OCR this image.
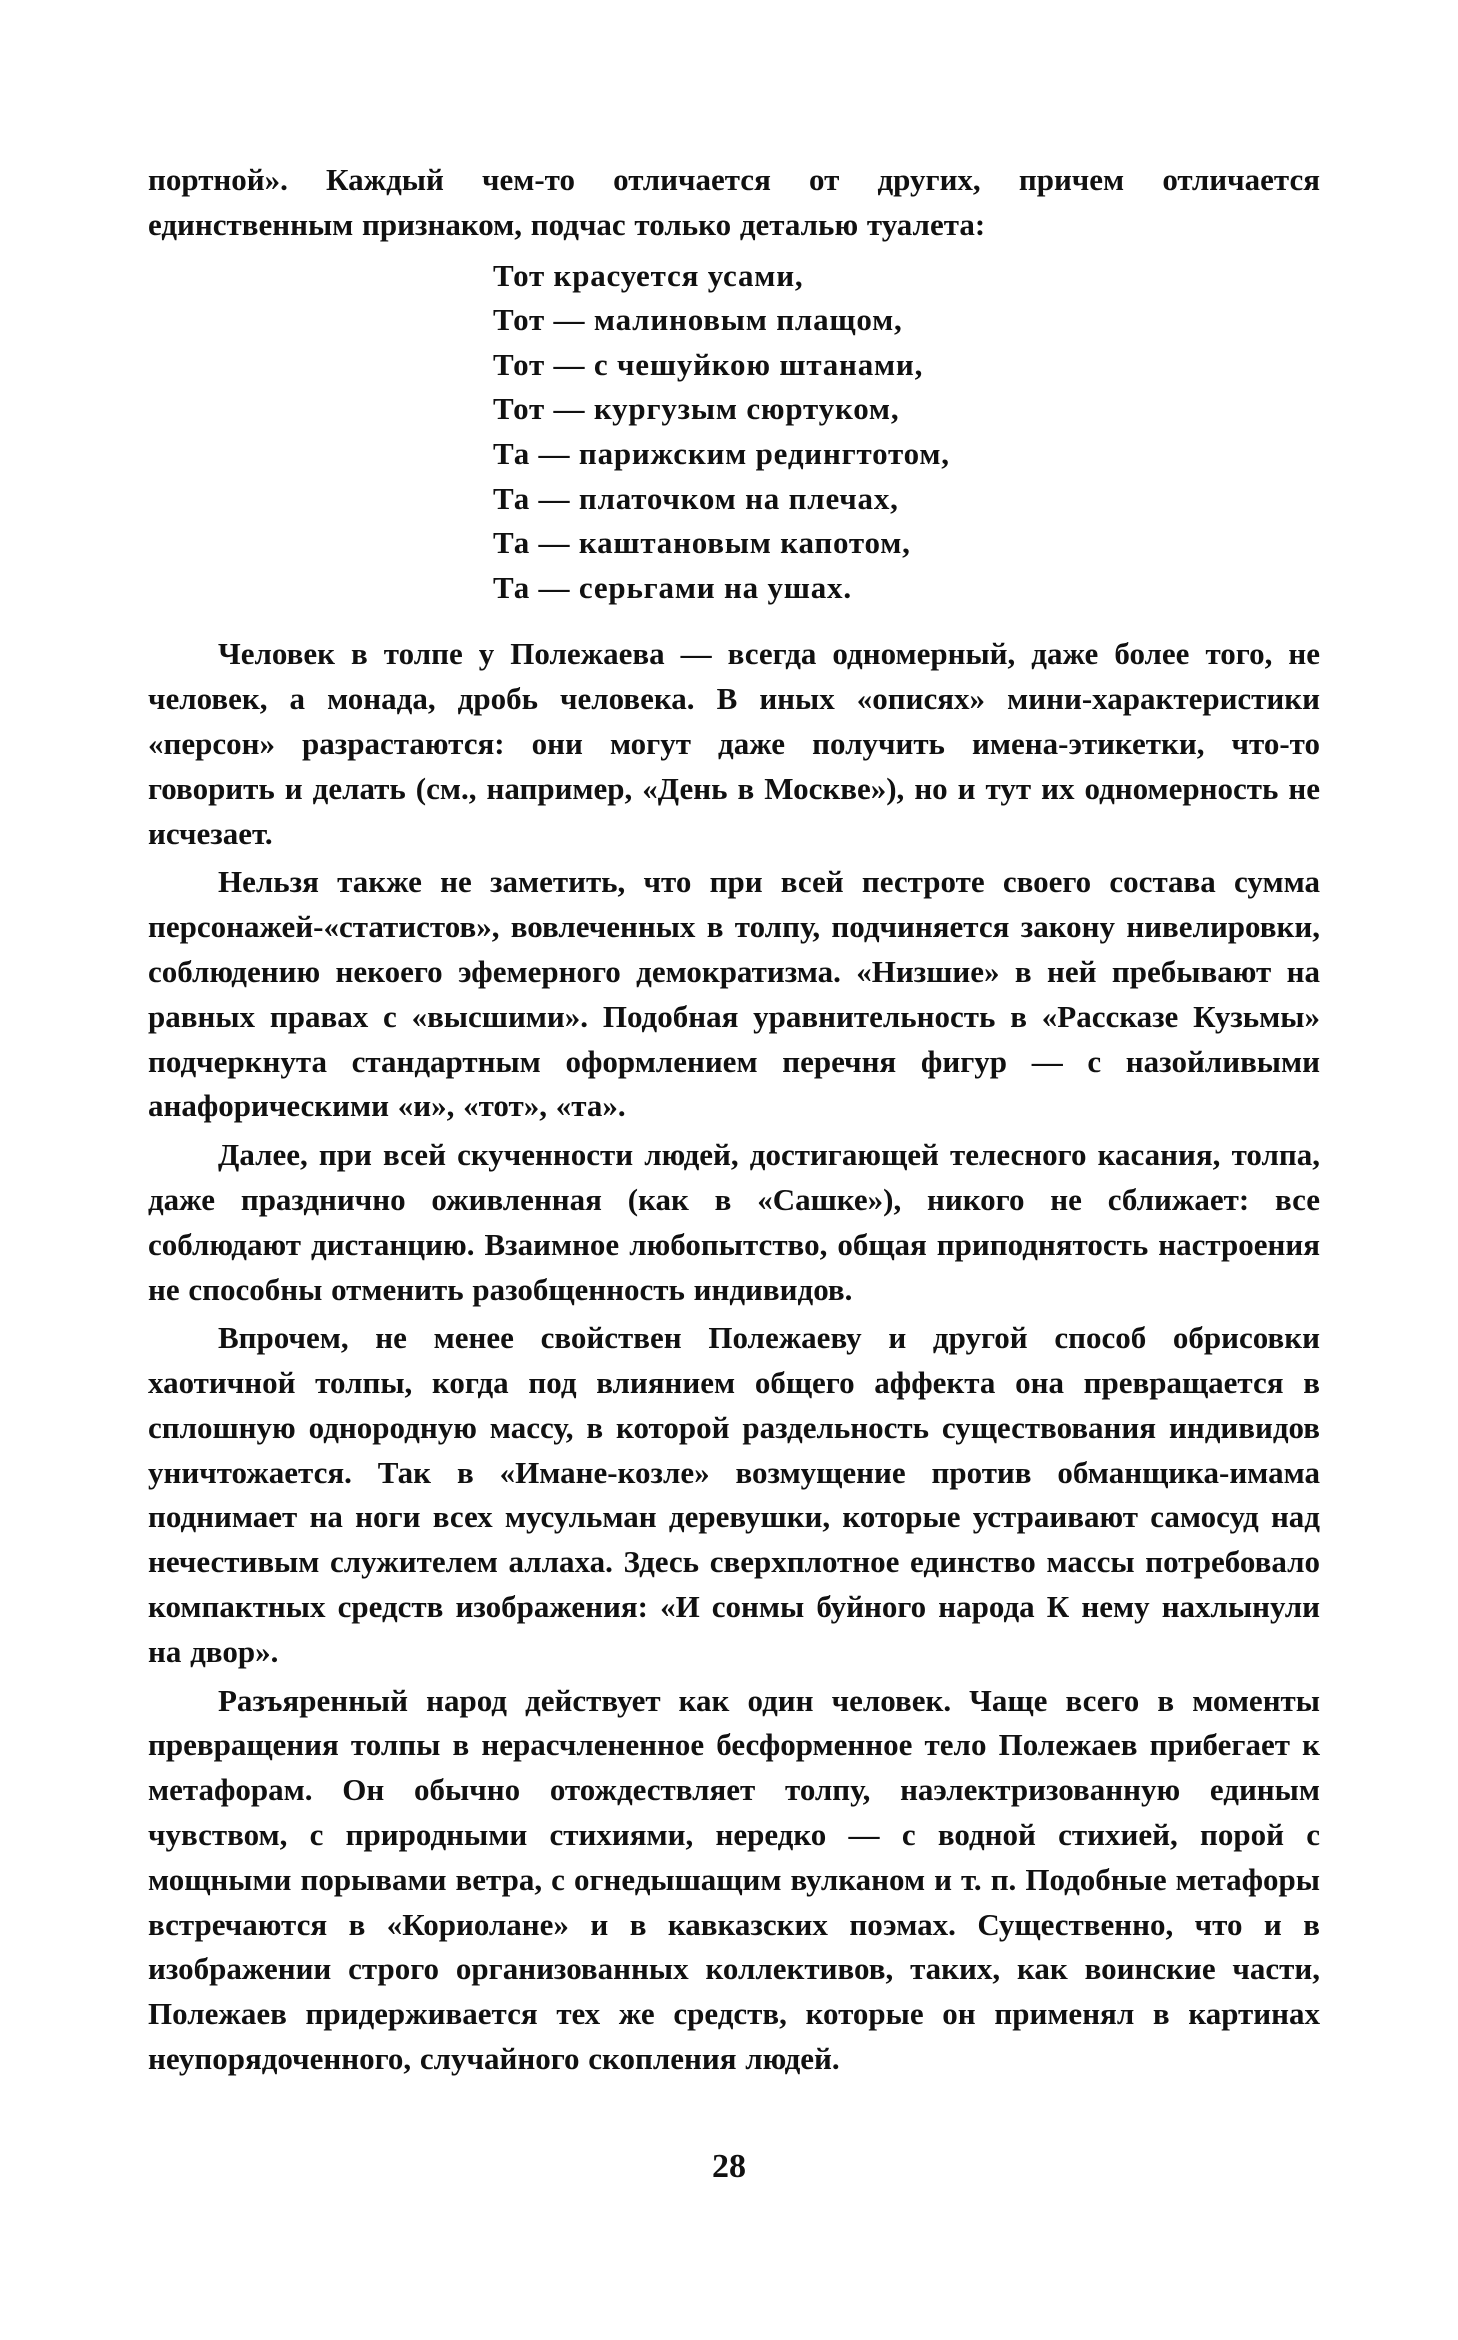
портной». Каждый чем-то отличается от других, причем отличается единственным признаком, подчас только деталью туалета:

Тот красуется усами,
Тот — малиновым плащом,
Тот — с чешуйкою штанами,
Тот — кургузым сюртуком,
Та — парижским редингтотом,
Та — платочком на плечах,
Та — каштановым капотом,
Та — серьгами на ушах.

Человек в толпе у Полежаева — всегда одномерный, даже более того, не человек, а монада, дробь человека. В иных «описях» мини-характеристики «персон» разрастаются: они могут даже получить имена-этикетки, что-то говорить и делать (см., например, «День в Москве»), но и тут их одномерность не исчезает.

Нельзя также не заметить, что при всей пестроте своего состава сумма персонажей-«статистов», вовлеченных в толпу, подчиняется закону нивелировки, соблюдению некоего эфемерного демократизма. «Низшие» в ней пребывают на равных правах с «высшими». Подобная уравнительность в «Рассказе Кузьмы» подчеркнута стандартным оформлением перечня фигур — с назойливыми анафорическими «и», «тот», «та».

Далее, при всей скученности людей, достигающей телесного касания, толпа, даже празднично оживленная (как в «Сашке»), никого не сближает: все соблюдают дистанцию. Взаимное любопытство, общая приподнятость настроения не способны отменить разобщенность индивидов.

Впрочем, не менее свойствен Полежаеву и другой способ обрисовки хаотичной толпы, когда под влиянием общего аффекта она превращается в сплошную однородную массу, в которой раздельность существования индивидов уничтожается. Так в «Имане-козле» возмущение против обманщика-имама поднимает на ноги всех мусульман деревушки, которые устраивают самосуд над нечестивым служителем аллаха. Здесь сверхплотное единство массы потребовало компактных средств изображения: «И сонмы буйного народа К нему нахлынули на двор».

Разъяренный народ действует как один человек. Чаще всего в моменты превращения толпы в нерасчлененное бесформенное тело Полежаев прибегает к метафорам. Он обычно отождествляет толпу, наэлектризованную единым чувством, с природными стихиями, нередко — с водной стихией, порой с мощными порывами ветра, с огнедышащим вулканом и т. п. Подобные метафоры встречаются в «Кориолане» и в кавказских поэмах. Существенно, что и в изображении строго организованных коллективов, таких, как воинские части, Полежаев придерживается тех же средств, которые он применял в картинах неупорядоченного, случайного скопления людей.

28
